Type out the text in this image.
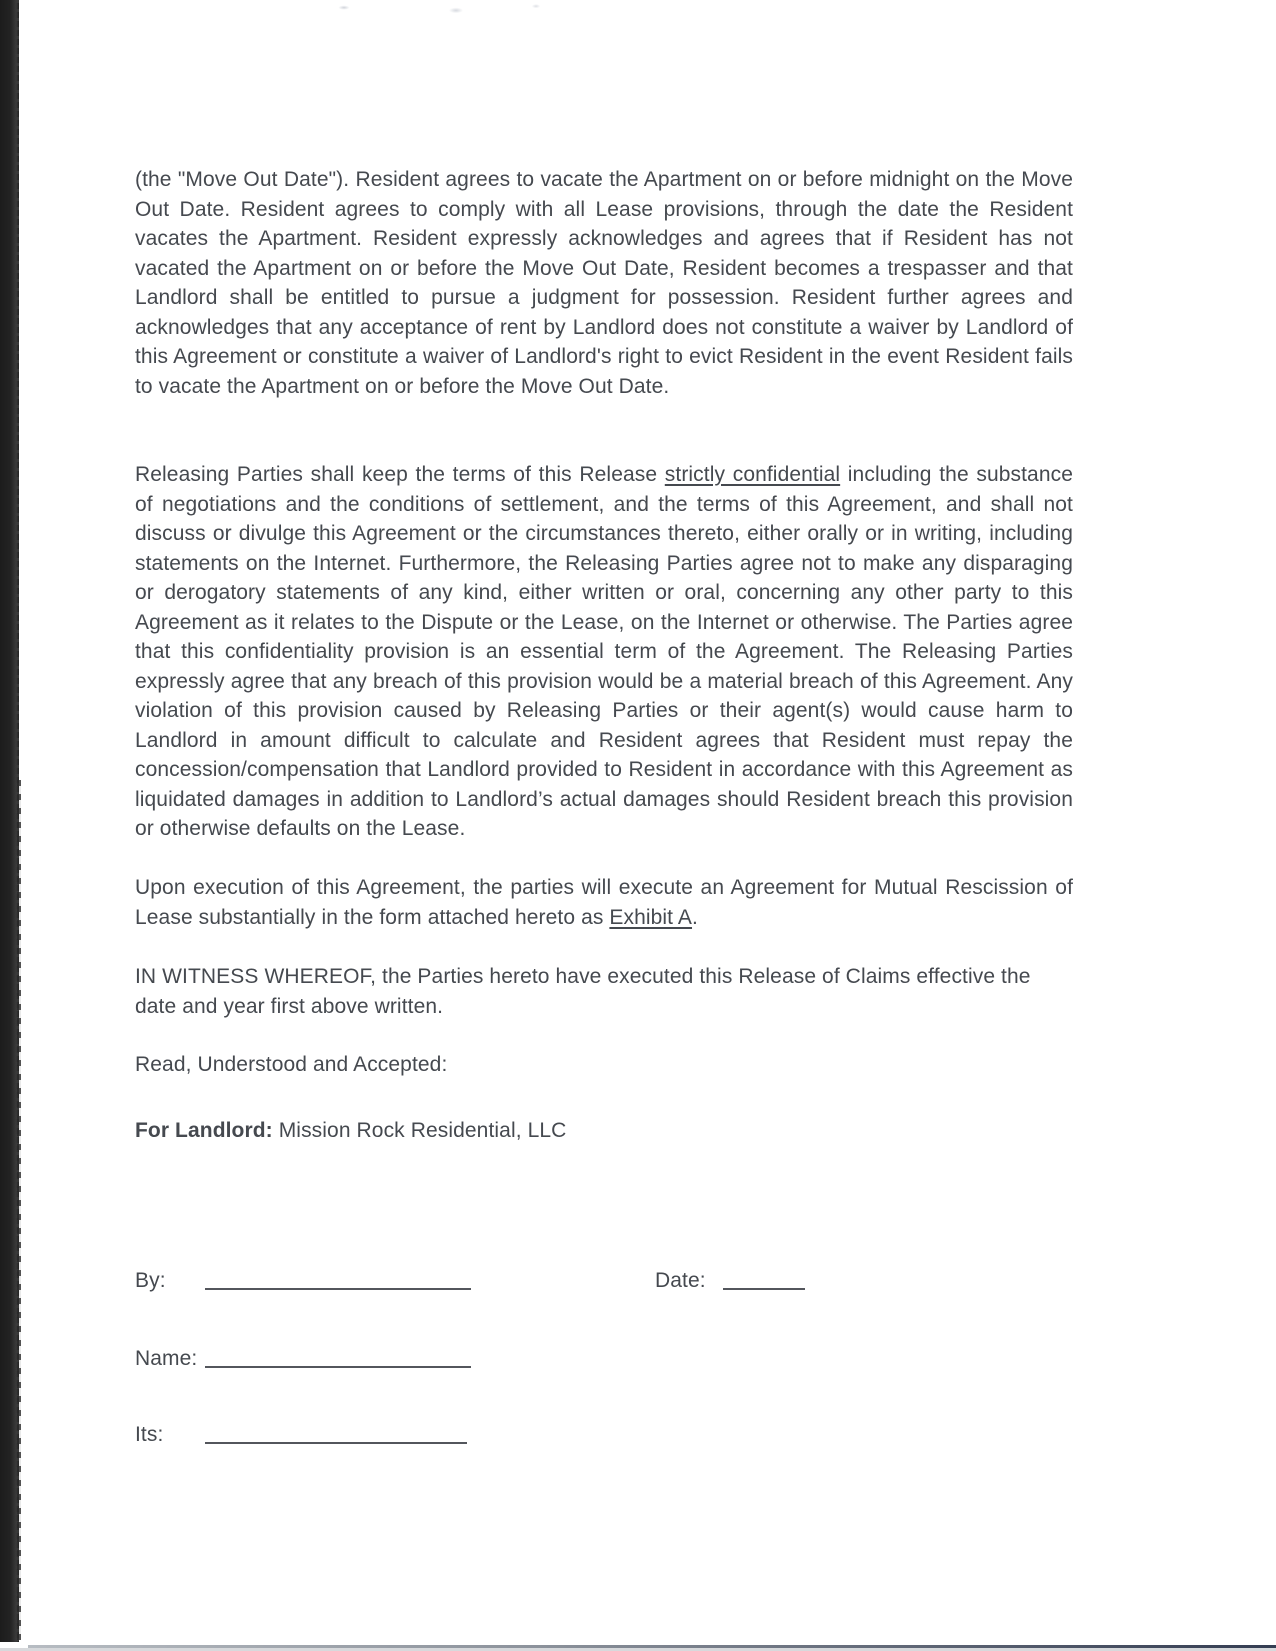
(the "Move Out Date"). Resident agrees to vacate the Apartment on or before midnight on the Move Out Date. Resident agrees to comply with all Lease provisions, through the date the Resident vacates the Apartment. Resident expressly acknowledges and agrees that if Resident has not vacated the Apartment on or before the Move Out Date, Resident becomes a trespasser and that Landlord shall be entitled to pursue a judgment for possession. Resident further agrees and acknowledges that any acceptance of rent by Landlord does not constitute a waiver by Landlord of this Agreement or constitute a waiver of Landlord's right to evict Resident in the event Resident fails to vacate the Apartment on or before the Move Out Date.

Releasing Parties shall keep the terms of this Release strictly confidential including the substance of negotiations and the conditions of settlement, and the terms of this Agreement, and shall not discuss or divulge this Agreement or the circumstances thereto, either orally or in writing, including statements on the Internet. Furthermore, the Releasing Parties agree not to make any disparaging or derogatory statements of any kind, either written or oral, concerning any other party to this Agreement as it relates to the Dispute or the Lease, on the Internet or otherwise. The Parties agree that this confidentiality provision is an essential term of the Agreement. The Releasing Parties expressly agree that any breach of this provision would be a material breach of this Agreement. Any violation of this provision caused by Releasing Parties or their agent(s) would cause harm to Landlord in amount difficult to calculate and Resident agrees that Resident must repay the concession/compensation that Landlord provided to Resident in accordance with this Agreement as liquidated damages in addition to Landlord’s actual damages should Resident breach this provision or otherwise defaults on the Lease.

Upon execution of this Agreement, the parties will execute an Agreement for Mutual Rescission of Lease substantially in the form attached hereto as Exhibit A.

IN WITNESS WHEREOF, the Parties hereto have executed this Release of Claims effective the date and year first above written.

Read, Understood and Accepted:

For Landlord: Mission Rock Residential, LLC

By:	Date:
Name:
Its:
